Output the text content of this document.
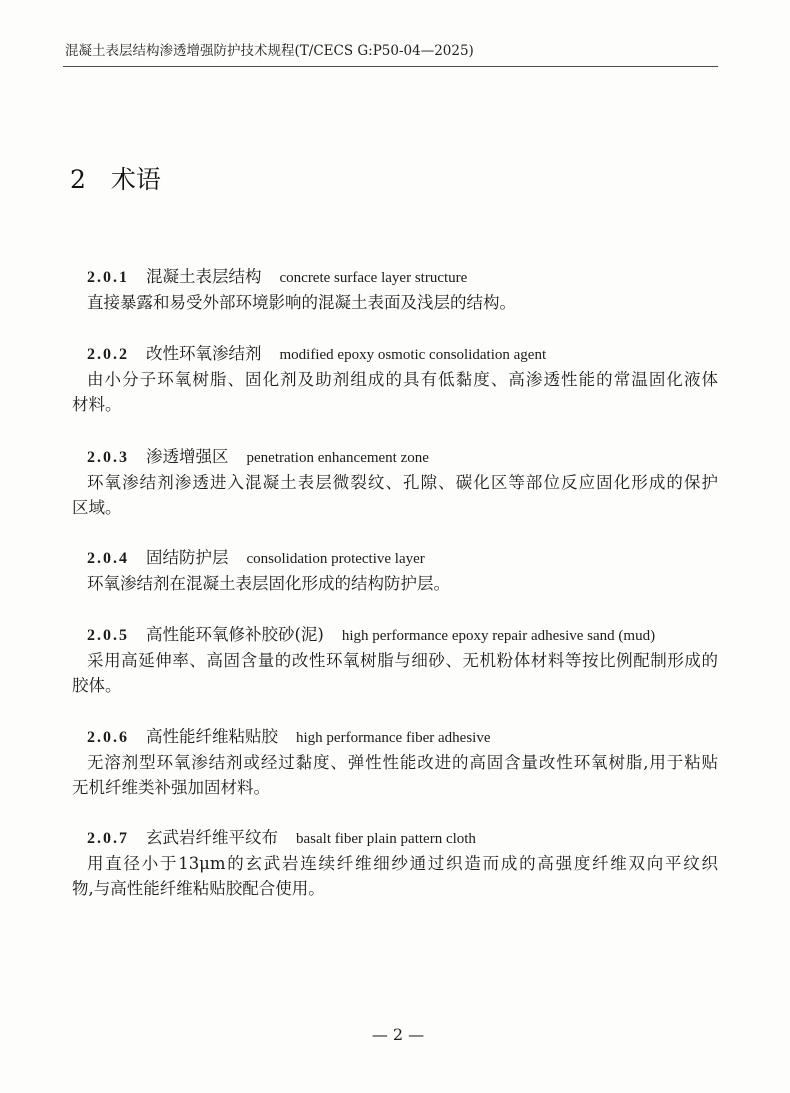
混凝土表层结构渗透增强防护技术规程(T/CECS G:P50-04—2025)
2 术语
2.0.1 混凝土表层结构 concrete surface layer structure
直接暴露和易受外部环境影响的混凝土表面及浅层的结构。
2.0.2 改性环氧渗结剂 modified epoxy osmotic consolidation agent
由小分子环氧树脂、固化剂及助剂组成的具有低黏度、高渗透性能的常温固化液体
材料。
2.0.3 渗透增强区 penetration enhancement zone
环氧渗结剂渗透进入混凝土表层微裂纹、孔隙、碳化区等部位反应固化形成的保护
区域。
2.0.4 固结防护层 consolidation protective layer
环氧渗结剂在混凝土表层固化形成的结构防护层。
2.0.5 高性能环氧修补胶砂(泥) high performance epoxy repair adhesive sand (mud)
采用高延伸率、高固含量的改性环氧树脂与细砂、无机粉体材料等按比例配制形成的
胶体。
2.0.6 高性能纤维粘贴胶 high performance fiber adhesive
无溶剂型环氧渗结剂或经过黏度、弹性性能改进的高固含量改性环氧树脂,用于粘贴
无机纤维类补强加固材料。
2.0.7 玄武岩纤维平纹布 basalt fiber plain pattern cloth
用直径小于13μm的玄武岩连续纤维细纱通过织造而成的高强度纤维双向平纹织
物,与高性能纤维粘贴胶配合使用。
— 2 —
